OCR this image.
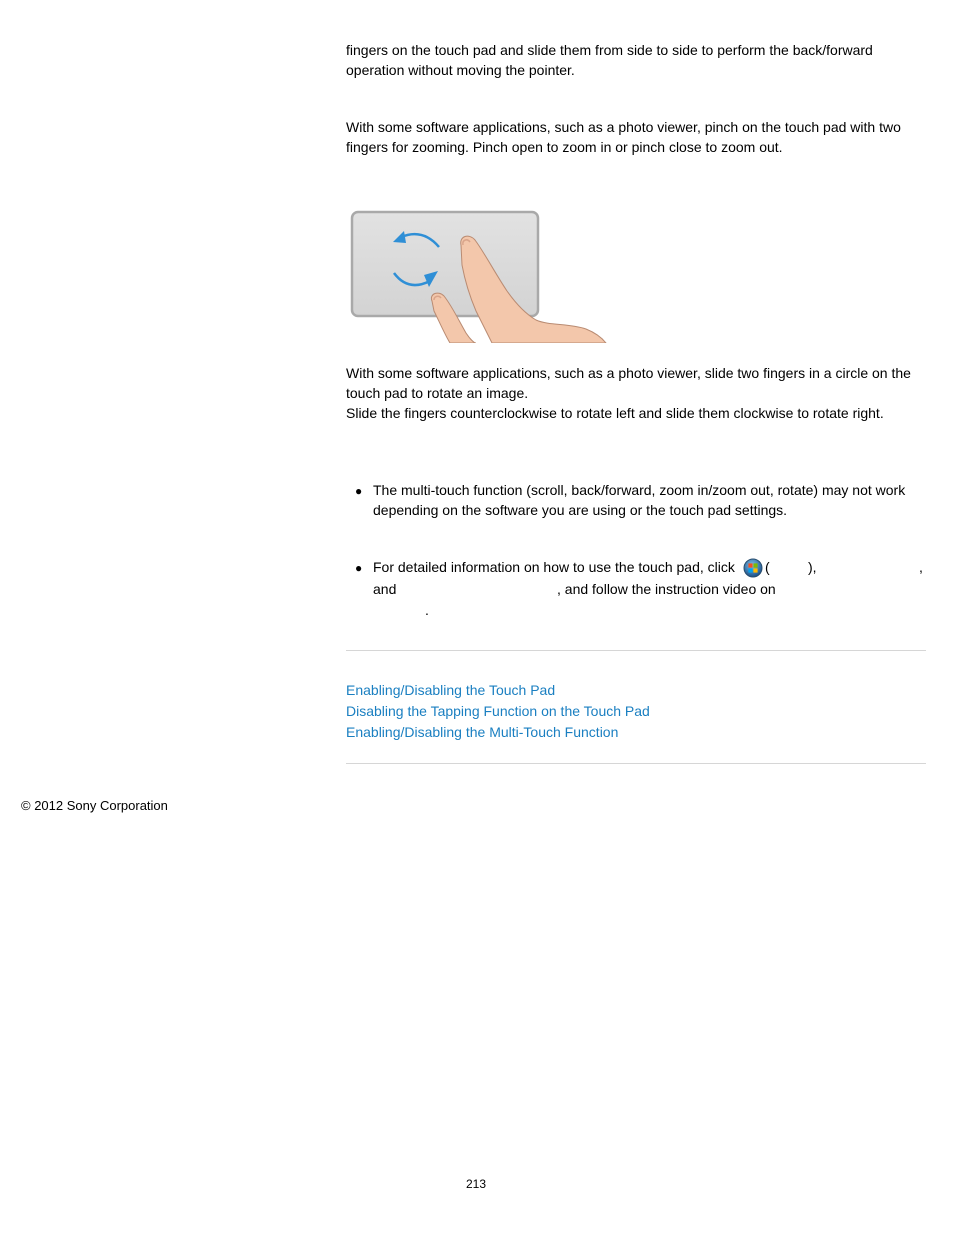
fingers on the touch pad and slide them from side to side to perform the back/forward
operation without moving the pointer.

With some software applications, such as a photo viewer, pinch on the touch pad with two
fingers for zooming. Pinch open to zoom in or pinch close to zoom out.

With some software applications, such as a photo viewer, slide two fingers in a circle on the
touch pad to rotate an image.
Slide the fingers counterclockwise to rotate left and slide them clockwise to rotate right.

● The multi-touch function (scroll, back/forward, zoom in/zoom out, rotate) may not work
depending on the software you are using or the touch pad settings.
● For detailed information on how to use the touch pad, click (	),	,
and	, and follow the instruction video on
.
Enabling/Disabling the Touch Pad
Disabling the Tapping Function on the Touch Pad
Enabling/Disabling the Multi-Touch Function
© 2012 Sony Corporation
213
